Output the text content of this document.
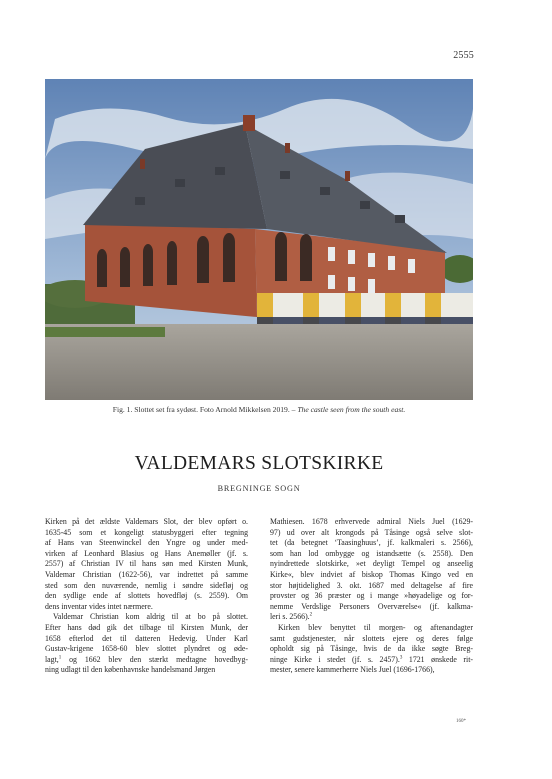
2555
Fig. 1. Slottet set fra sydøst. Foto Arnold Mikkelsen 2019. – The castle seen from the south east.
VALDEMARS SLOTSKIRKE
BREGNINGE SOGN

Kirken på det ældste Valdemars Slot, der blev opført o.

1635-45 som et kongeligt statusbyggeri efter tegning

af Hans van Steenwinckel den Yngre og under med-

virken af Leonhard Blasius og Hans Anemøller (jf. s.

2557) af Christian IV til hans søn med Kirsten Munk,

Valdemar Christian (1622-56), var indrettet på samme

sted som den nuværende, nemlig i søndre sidefløj og

den sydlige ende af slottets hovedfløj (s. 2559). Om

dens inventar vides intet nærmere.

Valdemar Christian kom aldrig til at bo på slottet.

Efter hans død gik det tilbage til Kirsten Munk, der

1658 efterlod det til datteren Hedevig. Under Karl

Gustav-krigene 1658-60 blev slottet plyndret og øde-

lagt,$^1$ og 1662 blev den stærkt medtagne hovedbyg-

ning udlagt til den københavnske handelsmand Jørgen

Mathiesen. 1678 erhvervede admiral Niels Juel (1629-

97) ud over alt krongods på Tåsinge også selve slot-

tet (da betegnet ‘Taasinghuus’, jf. kalkmaleri s. 2566),

som han lod ombygge og istandsætte (s. 2558). Den

nyindrettede slotskirke, »et deyligt Tempel og anseelig

Kirke«, blev indviet af biskop Thomas Kingo ved en

stor højtidelighed 3. okt. 1687 med deltagelse af fire

provster og 36 præster og i mange »høyadelige og for-

nemme Verdslige Personers Overværelse« (jf. kalkma-

leri s. 2566).$^2$

Kirken blev benyttet til morgen- og aftenandagter

samt gudstjenester, når slottets ejere og deres følge

opholdt sig på Tåsinge, hvis de da ikke søgte Breg-

ninge Kirke i stedet (jf. s. 2457).$^3$ 1721 ønskede rit-

mester, senere kammerherre Niels Juel (1696-1766),

160*
